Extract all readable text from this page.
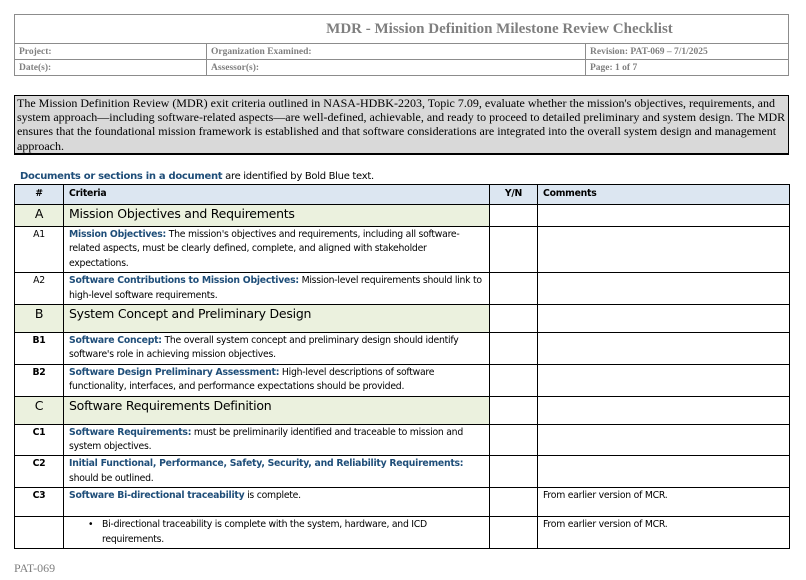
MDR - Mission Definition Milestone Review Checklist		
Project:	Organization Examined:	Revision: PAT-069 – 7/1/2025
Date(s):	Assessor(s):	Page: 1 of 7
The Mission Definition Review (MDR) exit criteria outlined in NASA-HDBK-2203, Topic 7.09, evaluate whether the mission's objectives, requirements, and system approach—including software-related aspects—are well-defined, achievable, and ready to proceed to detailed preliminary and system design. The MDR ensures that the foundational mission framework is established and that software considerations are integrated into the overall system design and management approach.
Documents or sections in a document are identified by Bold Blue text.
#	Criteria	Y/N	Comments
A	Mission Objectives and Requirements		
A1	Mission Objectives: The mission's objectives and requirements, including all software-related aspects, must be clearly defined, complete, and aligned with stakeholder expectations.		
A2	Software Contributions to Mission Objectives: Mission-level requirements should link to high-level software requirements.		
B	System Concept and Preliminary Design		
B1	Software Concept: The overall system concept and preliminary design should identify software's role in achieving mission objectives.		
B2	Software Design Preliminary Assessment: High-level descriptions of software functionality, interfaces, and performance expectations should be provided.		
C	Software Requirements Definition		
C1	Software Requirements: must be preliminarily identified and traceable to mission and system objectives.		
C2	Initial Functional, Performance, Safety, Security, and Reliability Requirements: should be outlined.		
C3	Software Bi-directional traceability is complete.		From earlier version of MCR.

	• Bi-directional traceability is complete with the system, hardware, and ICD requirements.		From earlier version of MCR.
PAT-069
